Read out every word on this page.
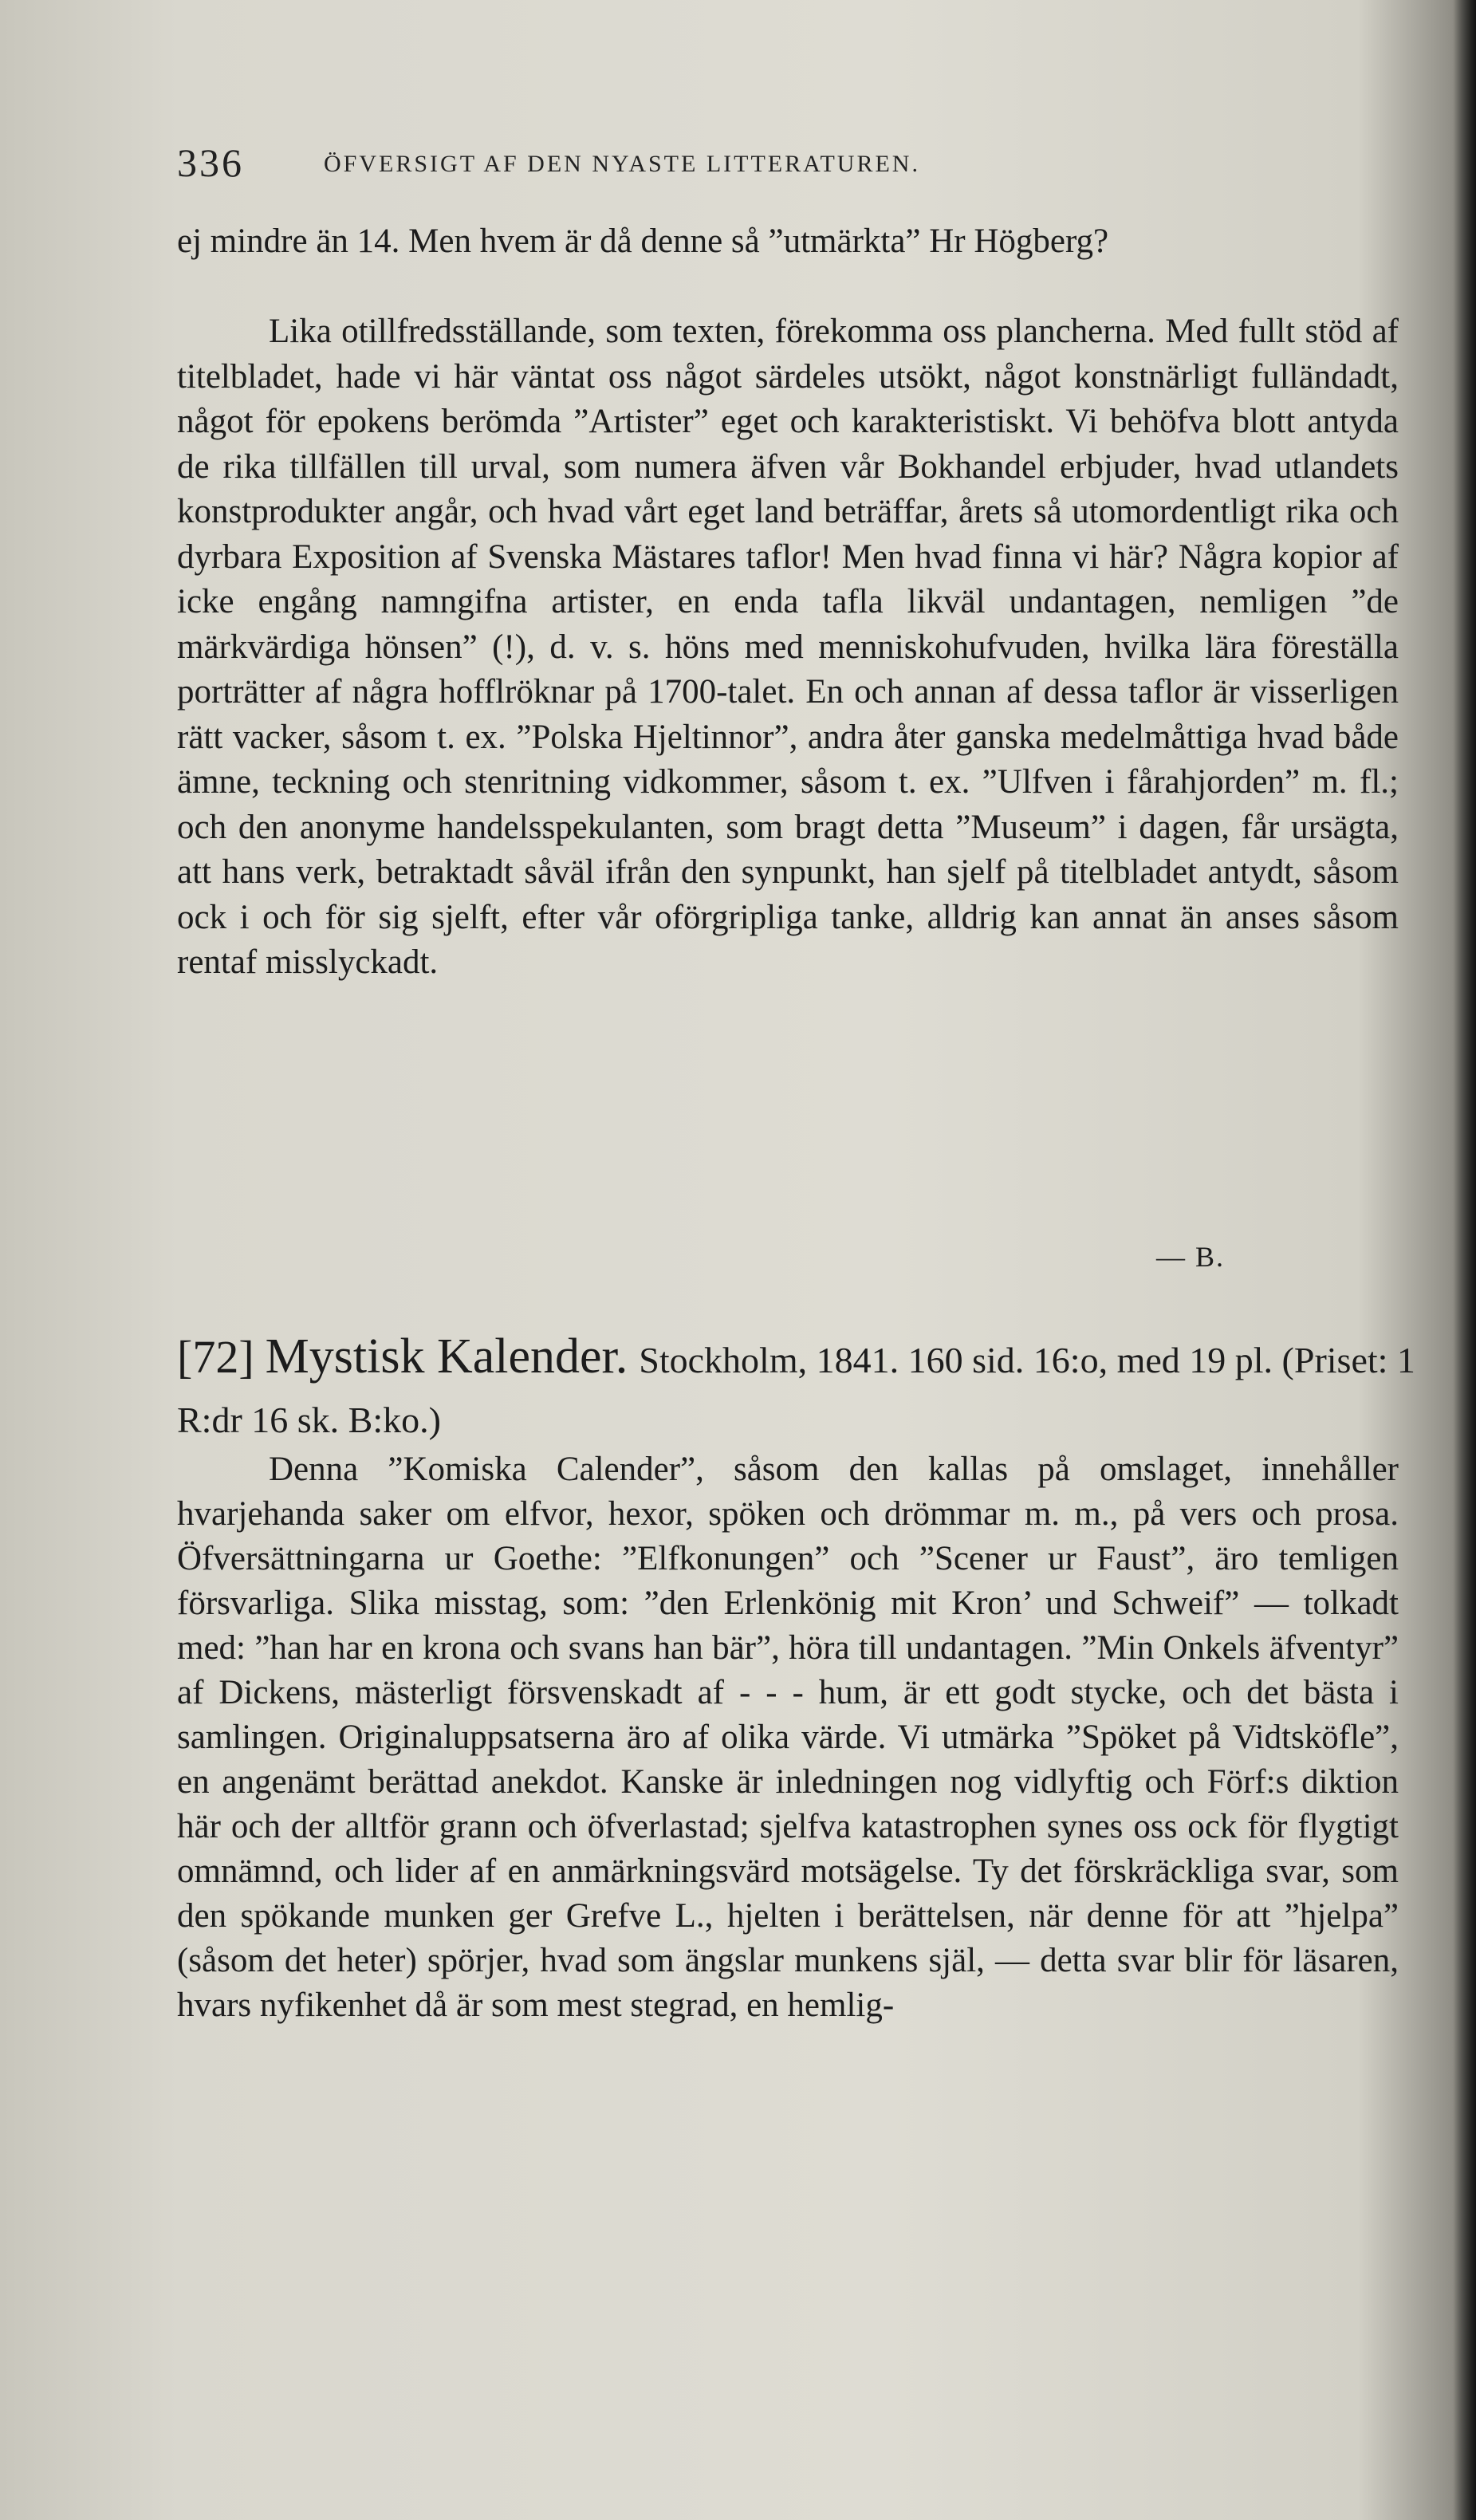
336	ÖFVERSIGT AF DEN NYASTE LITTERATUREN.

ej mindre än 14. Men hvem är då denne så ”utmärkta” Hr Högberg?

Lika otillfredsställande, som texten, förekomma oss plancherna. Med fullt stöd af titelbladet, hade vi här väntat oss något särdeles utsökt, något konstnärligt fulländadt, något för epokens berömda ”Artister” eget och karakteristiskt. Vi behöfva blott antyda de rika tillfällen till urval, som numera äfven vår Bokhandel erbjuder, hvad utlandets konstprodukter angår, och hvad vårt eget land beträffar, årets så utomordentligt rika och dyrbara Exposition af Svenska Mästares taflor! Men hvad finna vi här? Några kopior af icke engång namngifna artister, en enda tafla likväl undantagen, nemligen ”de märkvärdiga hönsen” (!), d. v. s. höns med menniskohufvuden, hvilka lära föreställa porträtter af några hofflröknar på 1700-talet. En och annan af dessa taflor är visserligen rätt vacker, såsom t. ex. ”Polska Hjeltinnor”, andra åter ganska medelmåttiga hvad både ämne, teckning och stenritning vidkommer, såsom t. ex. ”Ulfven i fårahjorden” m. fl.; och den anonyme handelsspekulanten, som bragt detta ”Museum” i dagen, får ursägta, att hans verk, betraktadt såväl ifrån den synpunkt, han sjelf på titelbladet antydt, såsom ock i och för sig sjelft, efter vår oförgripliga tanke, alldrig kan annat än anses såsom rentaf misslyckadt.

— B.
[72] Mystisk Kalender. Stockholm, 1841. 160 sid. 16:o, med 19 pl. (Priset: 1 R:dr 16 sk. B:ko.)

Denna ”Komiska Calender”, såsom den kallas på omslaget, innehåller hvarjehanda saker om elfvor, hexor, spöken och drömmar m. m., på vers och prosa. Öfversättningarna ur Goethe: ”Elfkonungen” och ”Scener ur Faust”, äro temligen försvarliga. Slika misstag, som: ”den Erlenkönig mit Kron’ und Schweif” — tolkadt med: ”han har en krona och svans han bär”, höra till undantagen. ”Min Onkels äfventyr” af Dickens, mästerligt försvenskadt af - - - hum, är ett godt stycke, och det bästa i samlingen. Originaluppsatserna äro af olika värde. Vi utmärka ”Spöket på Vidtsköfle”, en angenämt berättad anekdot. Kanske är inledningen nog vidlyftig och Förf:s diktion här och der alltför grann och öfverlastad; sjelfva katastrophen synes oss ock för flygtigt omnämnd, och lider af en anmärkningsvärd motsägelse. Ty det förskräckliga svar, som den spökande munken ger Grefve L., hjelten i berättelsen, när denne för att ”hjelpa” (såsom det heter) spörjer, hvad som ängslar munkens själ, — detta svar blir för läsaren, hvars nyfikenhet då är som mest stegrad, en hemlig-
